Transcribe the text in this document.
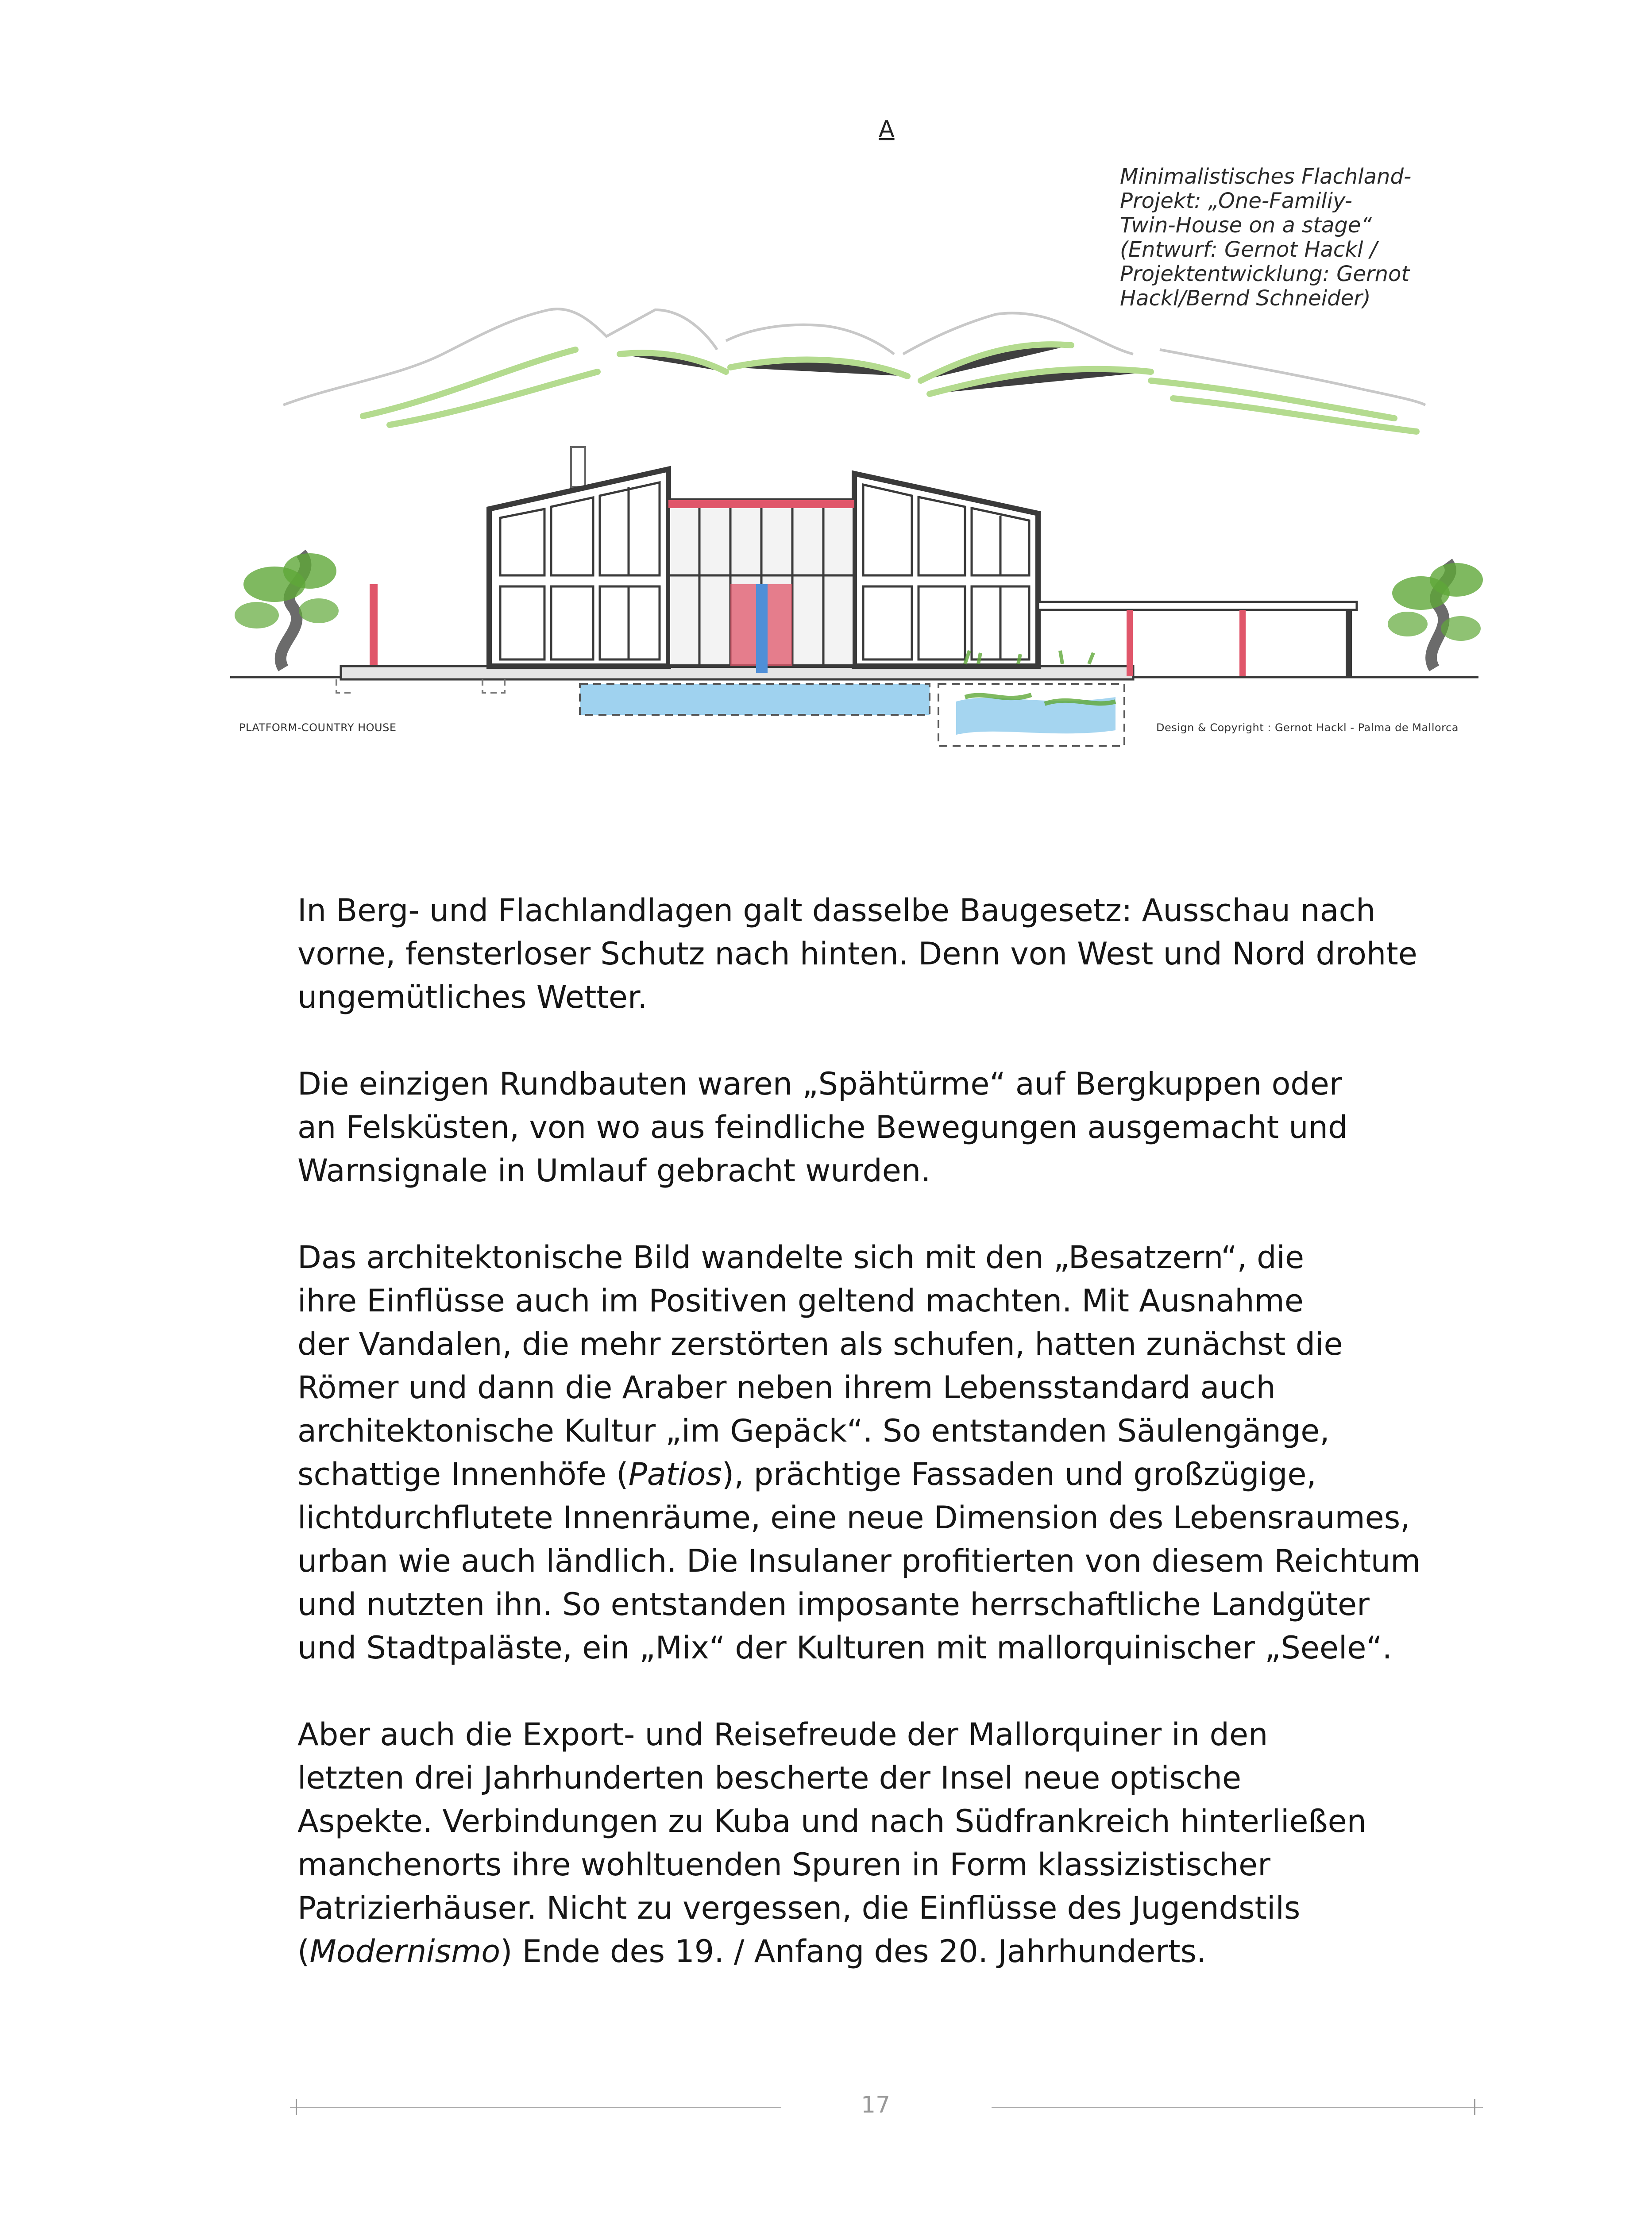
A
Minimalistisches Flachland-
Projekt: „One-Familiy-
Twin-House on a stage“
(Entwurf: Gernot Hackl /
Projektentwicklung: Gernot
Hackl/Bernd Schneider)
PLATFORM-COUNTRY HOUSE	Design & Copyright : Gernot Hackl - Palma de Mallorca
In Berg- und Flachlandlagen galt dasselbe Baugesetz: Ausschau nach
vorne, fensterloser Schutz nach hinten. Denn von West und Nord drohte
ungemütliches Wetter.
Die einzigen Rundbauten waren „Spähtürme“ auf Bergkuppen oder
an Felsküsten, von wo aus feindliche Bewegungen ausgemacht und
Warnsignale in Umlauf gebracht wurden.
Das architektonische Bild wandelte sich mit den „Besatzern“, die
ihre Einflüsse auch im Positiven geltend machten. Mit Ausnahme
der Vandalen, die mehr zerstörten als schufen, hatten zunächst die
Römer und dann die Araber neben ihrem Lebensstandard auch
architektonische Kultur „im Gepäck“. So entstanden Säulengänge,
schattige Innenhöfe (Patios), prächtige Fassaden und großzügige,
lichtdurchflutete Innenräume, eine neue Dimension des Lebensraumes,
urban wie auch ländlich. Die Insulaner profitierten von diesem Reichtum
und nutzten ihn. So entstanden imposante herrschaftliche Landgüter
und Stadtpaläste, ein „Mix“ der Kulturen mit mallorquinischer „Seele“.
Aber auch die Export- und Reisefreude der Mallorquiner in den
letzten drei Jahrhunderten bescherte der Insel neue optische
Aspekte. Verbindungen zu Kuba und nach Südfrankreich hinterließen
manchenorts ihre wohltuenden Spuren in Form klassizistischer
Patrizierhäuser. Nicht zu vergessen, die Einflüsse des Jugendstils
(Modernismo) Ende des 19. / Anfang des 20. Jahrhunderts.
17
